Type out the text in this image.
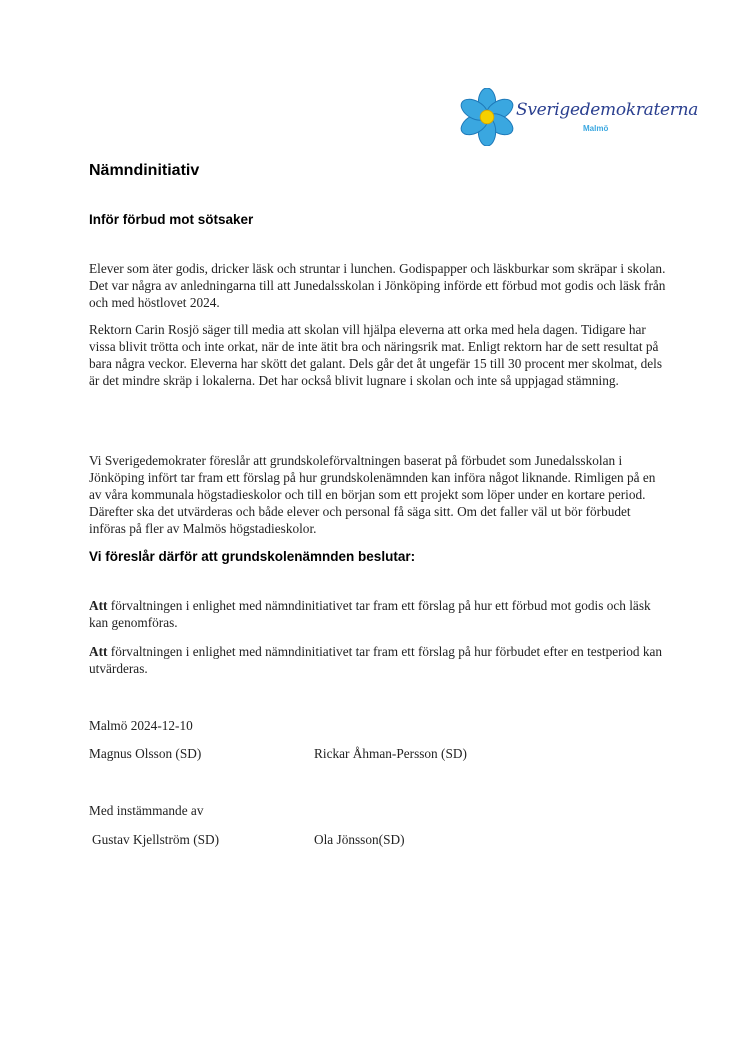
Sverigedemokraterna
Malmö
Nämndinitiativ
Inför förbud mot sötsaker
Elever som äter godis, dricker läsk och struntar i lunchen. Godispapper och läskburkar som skräpar i skolan. Det var några av anledningarna till att Junedalsskolan i Jönköping införde ett förbud mot godis och läsk från och med höstlovet 2024.
Rektorn Carin Rosjö säger till media att skolan vill hjälpa eleverna att orka med hela dagen. Tidigare har vissa blivit trötta och inte orkat, när de inte ätit bra och näringsrik mat. Enligt rektorn har de sett resultat på bara några veckor. Eleverna har skött det galant. Dels går det åt ungefär 15 till 30 procent mer skolmat, dels är det mindre skräp i lokalerna. Det har också blivit lugnare i skolan och inte så uppjagad stämning.
Vi Sverigedemokrater föreslår att grundskoleförvaltningen baserat på förbudet som Junedalsskolan i Jönköping infört tar fram ett förslag på hur grundskolenämnden kan införa något liknande. Rimligen på en av våra kommunala högstadieskolor och till en början som ett projekt som löper under en kortare period. Därefter ska det utvärderas och både elever och personal få säga sitt. Om det faller väl ut bör förbudet införas på fler av Malmös högstadieskolor.
Vi föreslår därför att grundskolenämnden beslutar:
Att förvaltningen i enlighet med nämndinitiativet tar fram ett förslag på hur ett förbud mot godis och läsk kan genomföras.
Att förvaltningen i enlighet med nämndinitiativet tar fram ett förslag på hur förbudet efter en testperiod kan utvärderas.
Malmö 2024-12-10
Magnus Olsson (SD)	Rickar Åhman-Persson (SD)
Med instämmande av
Gustav Kjellström (SD)	Ola Jönsson(SD)
